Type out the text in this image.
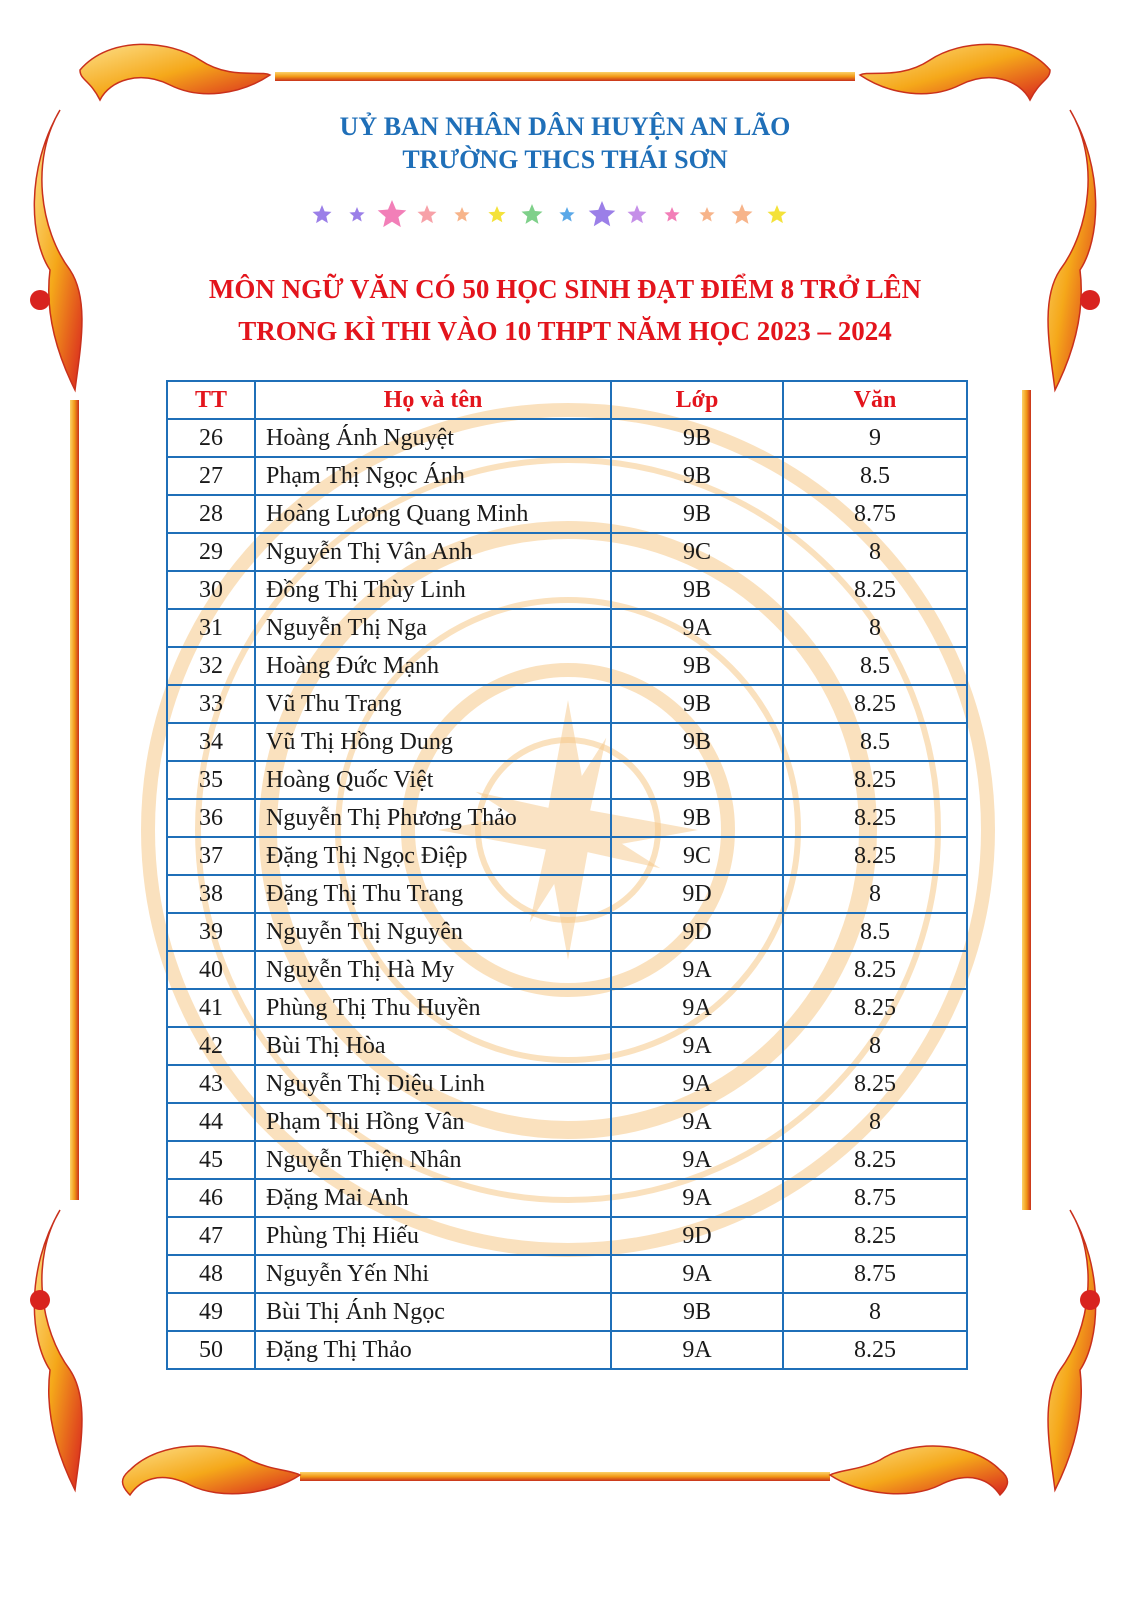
UỶ BAN NHÂN DÂN HUYỆN AN LÃO
TRƯỜNG THCS THÁI SƠN
MÔN NGỮ VĂN CÓ 50 HỌC SINH ĐẠT ĐIỂM 8 TRỞ LÊN
TRONG KÌ THI VÀO 10 THPT NĂM HỌC 2023 – 2024
TT	Họ và tên	Lớp	Văn
26	Hoàng Ánh Nguyệt	9B	9
27	Phạm Thị Ngọc Ánh	9B	8.5
28	Hoàng Lương Quang Minh	9B	8.75
29	Nguyễn Thị Vân Anh	9C	8
30	Đồng Thị Thùy Linh	9B	8.25
31	Nguyễn Thị Nga	9A	8
32	Hoàng Đức Mạnh	9B	8.5
33	Vũ Thu Trang	9B	8.25
34	Vũ Thị Hồng Dung	9B	8.5
35	Hoàng Quốc Việt	9B	8.25
36	Nguyễn Thị Phương Thảo	9B	8.25
37	Đặng Thị Ngọc Điệp	9C	8.25
38	Đặng Thị Thu Trang	9D	8
39	Nguyễn Thị Nguyên	9D	8.5
40	Nguyễn Thị Hà My	9A	8.25
41	Phùng Thị Thu Huyền	9A	8.25
42	Bùi Thị Hòa	9A	8
43	Nguyễn Thị Diệu Linh	9A	8.25
44	Phạm Thị Hồng Vân	9A	8
45	Nguyễn Thiện Nhân	9A	8.25
46	Đặng Mai Anh	9A	8.75
47	Phùng Thị Hiếu	9D	8.25
48	Nguyễn Yến Nhi	9A	8.75
49	Bùi Thị Ánh Ngọc	9B	8
50	Đặng Thị Thảo	9A	8.25
